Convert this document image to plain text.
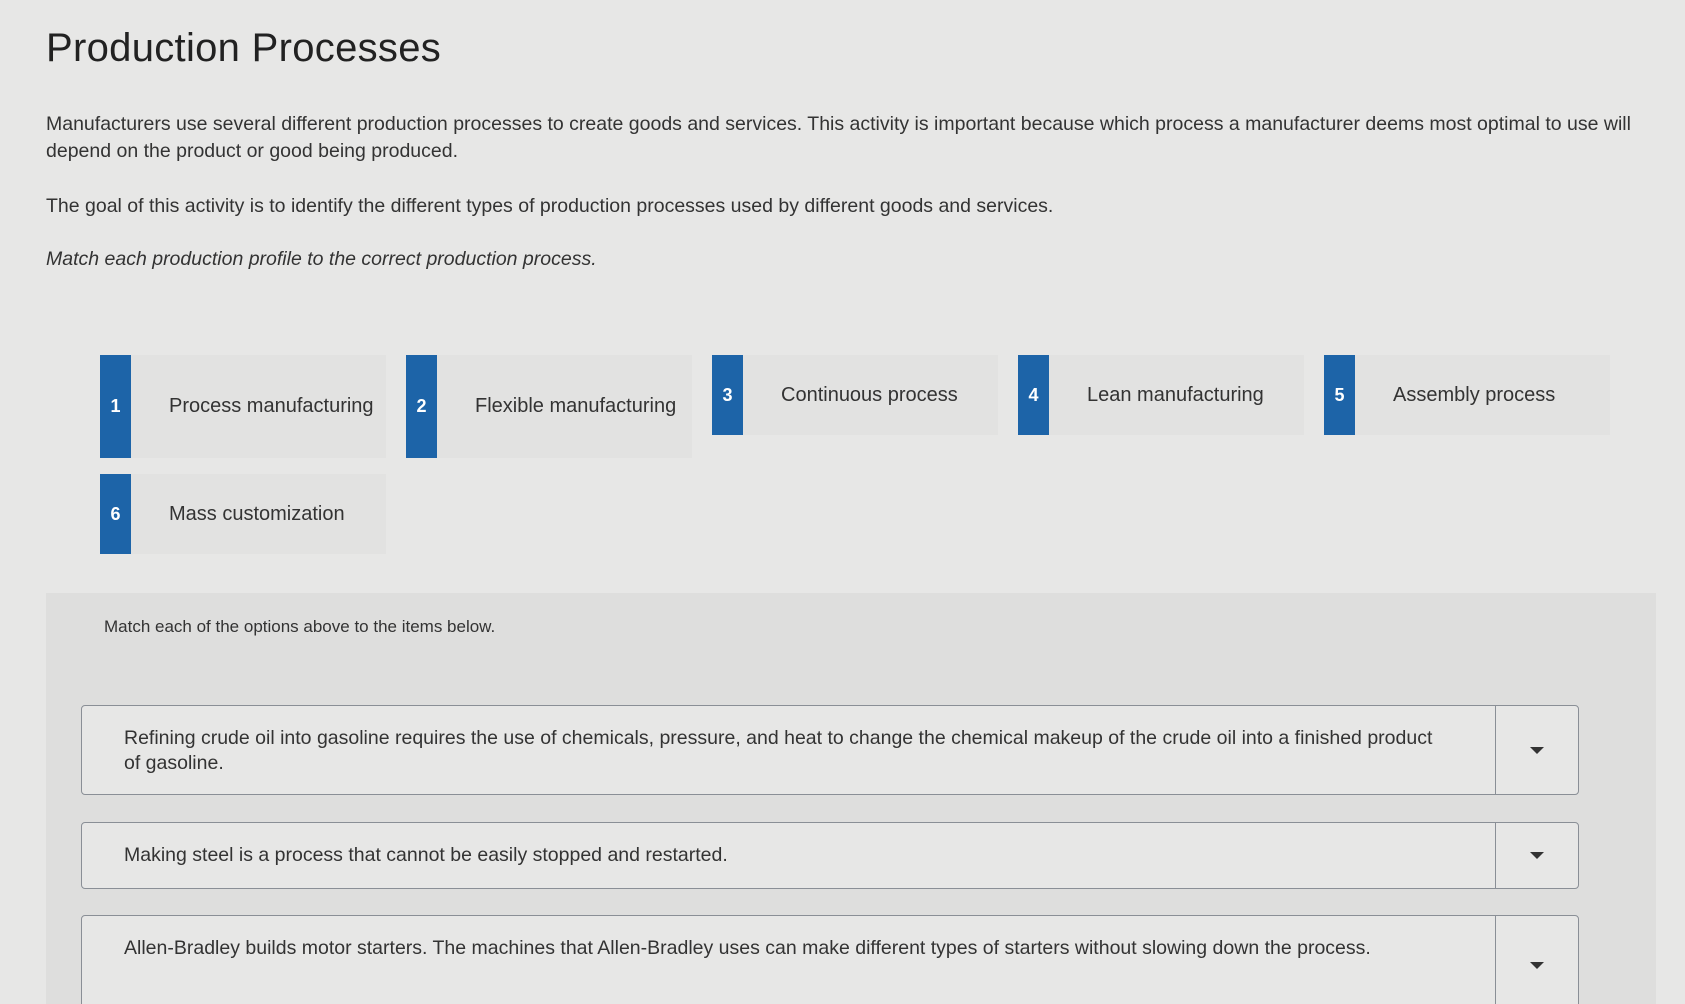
Production Processes

Manufacturers use several different production processes to create goods and services. This activity is important because which process a manufacturer deems most optimal to use will depend on the product or good being produced.

The goal of this activity is to identify the different types of production processes used by different goods and services.

Match each production profile to the correct production process.

1	Process manufacturing	2	Flexible manufacturing
3	Continuous process	4	Lean manufacturing	5	Assembly process
6	Mass customization
Match each of the options above to the items below.
Refining crude oil into gasoline requires the use of chemicals, pressure, and heat to change the chemical makeup of the crude oil into a finished product of gasoline.
Making steel is a process that cannot be easily stopped and restarted.
Allen-Bradley builds motor starters. The machines that Allen-Bradley uses can make different types of starters without slowing down the process.
